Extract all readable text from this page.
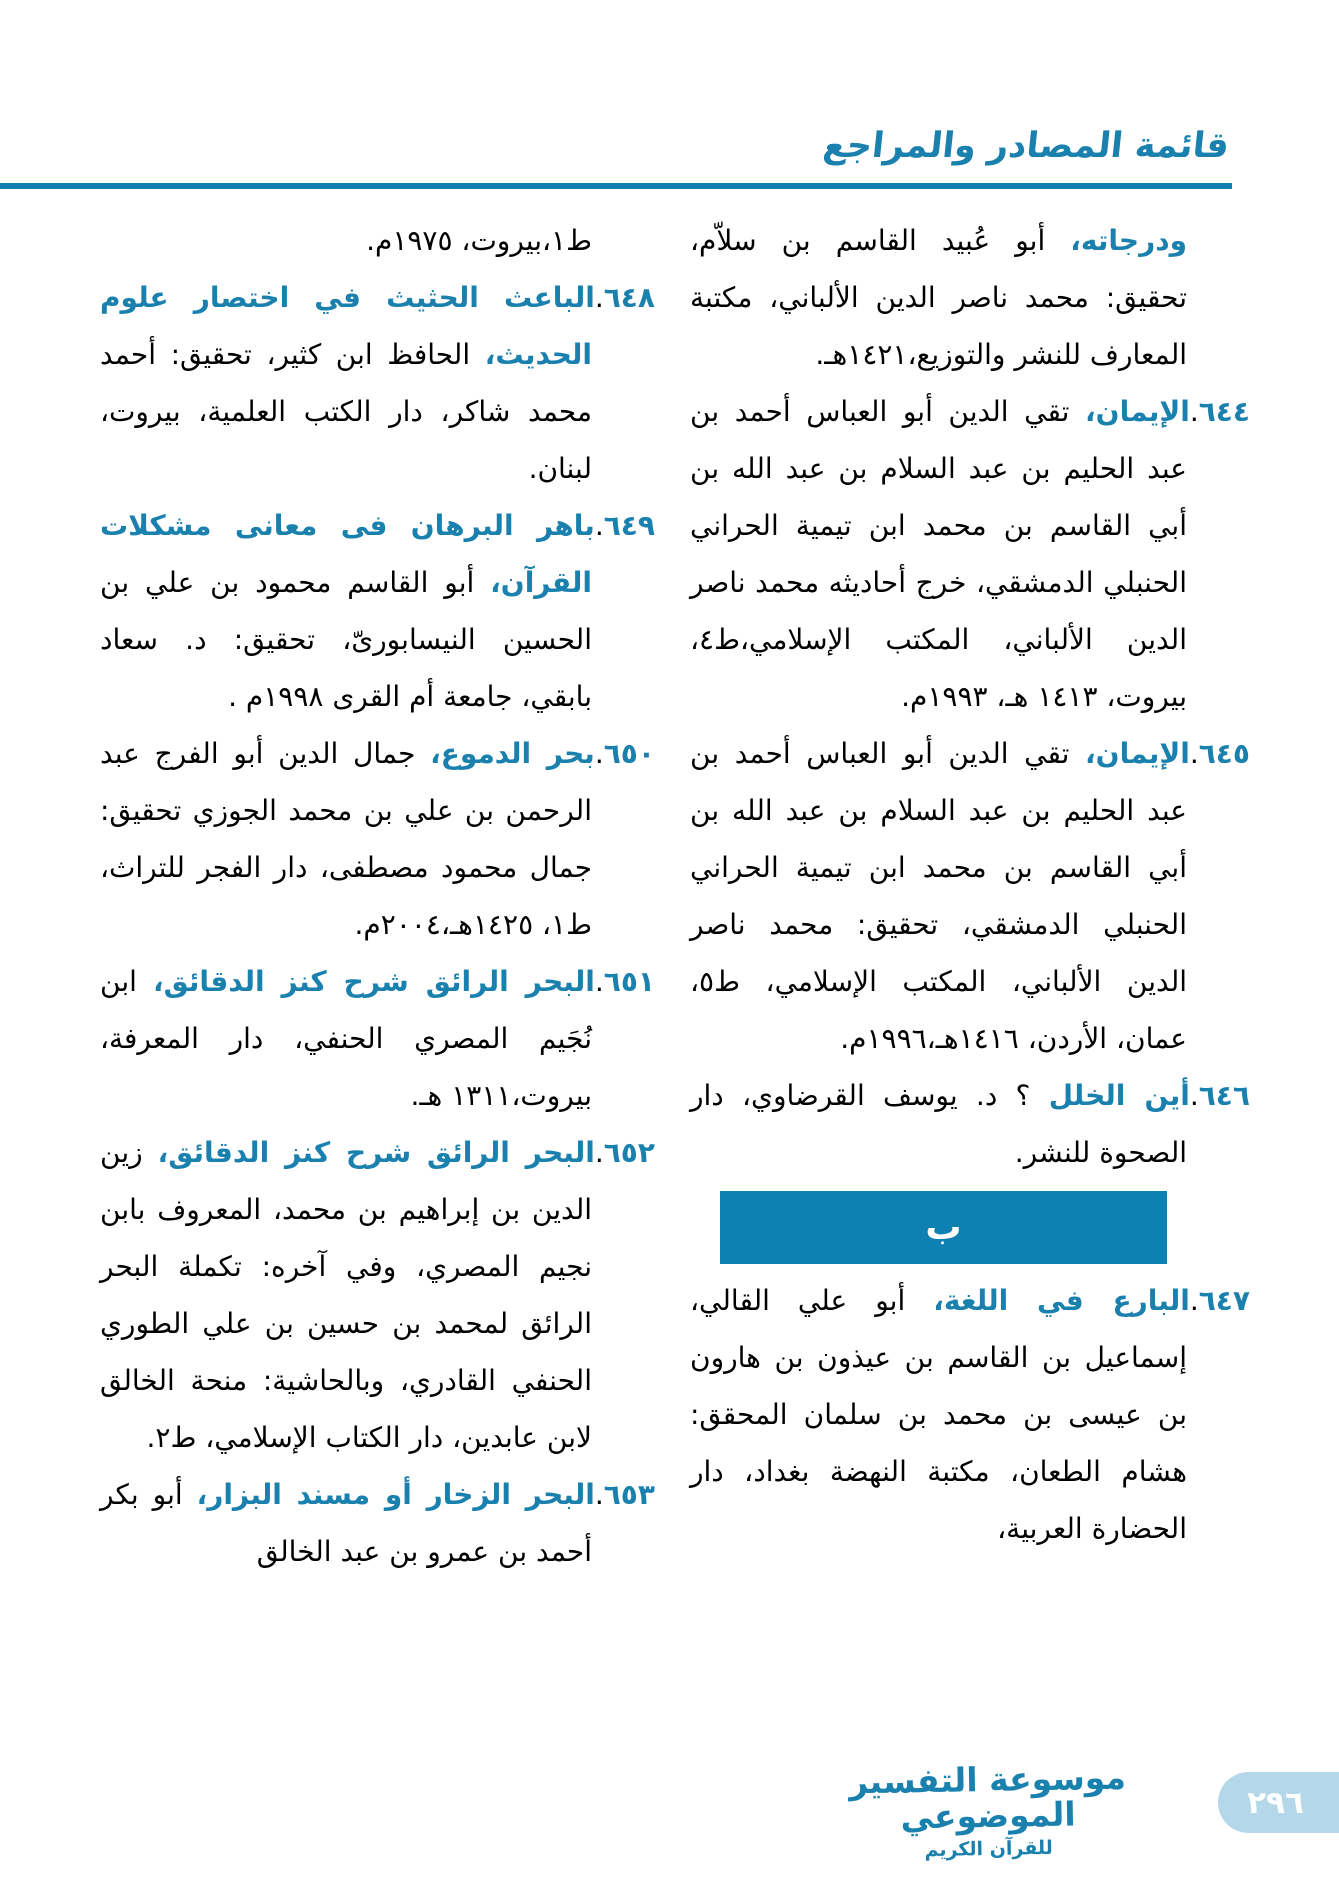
قائمة المصادر والمراجع

ودرجاته، أبو عُبيد القاسم بن سلاّم، تحقيق: محمد ناصر الدين الألباني، مكتبة المعارف للنشر والتوزيع،١٤٢١هـ.

٦٤٤.الإيمان، تقي الدين أبو العباس أحمد بن عبد الحليم بن عبد السلام بن عبد الله بن أبي القاسم بن محمد ابن تيمية الحراني الحنبلي الدمشقي، خرج أحاديثه محمد ناصر الدين الألباني، المكتب الإسلامي،ط٤، بيروت، ١٤١٣ هـ، ١٩٩٣م.

٦٤٥.الإيمان، تقي الدين أبو العباس أحمد بن عبد الحليم بن عبد السلام بن عبد الله بن أبي القاسم بن محمد ابن تيمية الحراني الحنبلي الدمشقي، تحقيق: محمد ناصر الدين الألباني، المكتب الإسلامي، ط٥، عمان، الأردن، ١٤١٦هـ،١٩٩٦م.

٦٤٦.أين الخلل ؟ د. يوسف القرضاوي، دار الصحوة للنشر.

ب

٦٤٧.البارع في اللغة، أبو علي القالي، إسماعيل بن القاسم بن عيذون بن هارون بن عيسى بن محمد بن سلمان المحقق: هشام الطعان، مكتبة النهضة بغداد، دار الحضارة العربية،

ط١،بيروت، ١٩٧٥م.

٦٤٨.الباعث الحثيث في اختصار علوم الحديث، الحافظ ابن كثير، تحقيق: أحمد محمد شاكر، دار الكتب العلمية، بيروت، لبنان.

٦٤٩.باهر البرهان فى معانى مشكلات القرآن، أبو القاسم محمود بن علي بن الحسين النيسابورىّ، تحقيق: د. سعاد بابقي، جامعة أم القرى ١٩٩٨م .

٦٥٠.بحر الدموع، جمال الدين أبو الفرج عبد الرحمن بن علي بن محمد الجوزي تحقيق: جمال محمود مصطفى، دار الفجر للتراث، ط١، ١٤٢٥هـ،٢٠٠٤م.

٦٥١.البحر الرائق شرح كنز الدقائق، ابن نُجَيم المصري الحنفي، دار المعرفة، بيروت،١٣١١ هـ.

٦٥٢.البحر الرائق شرح كنز الدقائق، زين الدين بن إبراهيم بن محمد، المعروف بابن نجيم المصري، وفي آخره: تكملة البحر الرائق لمحمد بن حسين بن علي الطوري الحنفي القادري، وبالحاشية: منحة الخالق لابن عابدين، دار الكتاب الإسلامي، ط٢.

٦٥٣.البحر الزخار أو مسند البزار، أبو بكر أحمد بن عمرو بن عبد الخالق

موسوعة التفسير الموضوعي
للقرآن الكريم
٢٩٦
